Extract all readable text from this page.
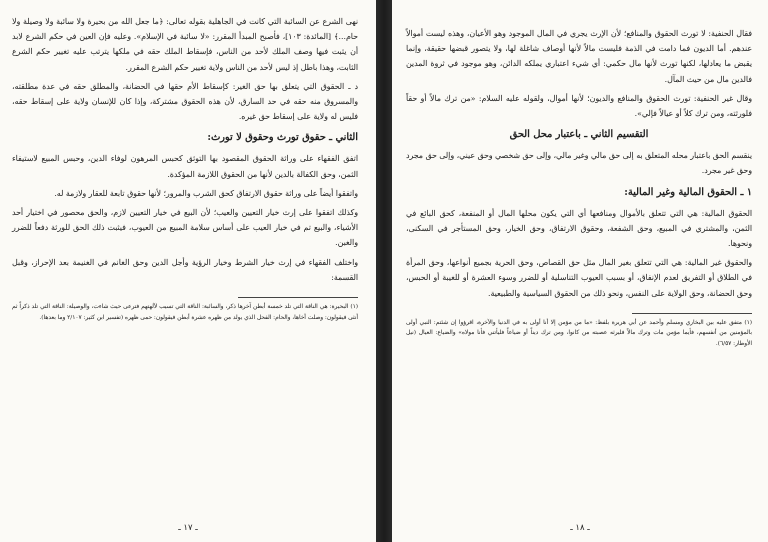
نهى الشرع عن السائبة التي كانت في الجاهلية بقوله تعالى: ﴿ما جعل الله من بحيرة ولا سائبة ولا وصيلة ولا حام...﴾ [المائدة: ١٠٣]، فأصبح المبدأ المقرر: «لا سائبة في الإسلام». وعليه فإن العين في حكم الشرع لابد أن يثبت فيها وصف الملك لأحد من الناس، فإسقاط الملك حقه في ملكها يترتب عليه تغيير حكم الشرع الثابت، وهذا باطل إذ ليس لأحد من الناس ولاية تغيير حكم الشرع المقرر.

د ـ الحقوق التي يتعلق بها حق الغير: كإسقاط الأم حقها في الحضانة، والمطلق حقه في عدة مطلقته، والمسروق منه حقه في حد السارق، لأن هذه الحقوق مشتركة، وإذا كان للإنسان ولاية على إسقاط حقه، فليس له ولاية على إسقاط حق غيره.

الثاني ـ حقوق تورث وحقوق لا تورث:

اتفق الفقهاء على وراثة الحقوق المقصود بها التوثق كحبس المرهون لوفاء الدين، وحبس المبيع لاستيفاء الثمن، وحق الكفالة بالدين لأنها من الحقوق اللازمة المؤكدة.

واتفقوا أيضاً على وراثة حقوق الارتفاق كحق الشرب والمرور؛ لأنها حقوق تابعة للعقار ولازمة له.

وكذلك اتفقوا على إرث خيار التعيين والعيب؛ لأن البيع في خيار التعيين لازم، والحق محصور في اختيار أحد الأشياء، والبيع تم في خيار العيب على أساس سلامة المبيع من العيوب، فيثبت ذلك الحق للورثة دفعاً للضرر والغبن.

واختلف الفقهاء في إرث خيار الشرط وخيار الرؤية وأجل الدين وحق الغانم في الغنيمة بعد الإحراز، وقبل القسمة:

(١) البحيرة: هي الناقة التي تلد خمسة أبطن آخرها ذكر، والسائبة: الناقة التي تسيب لآلهتهم فترعى حيث شاءت، والوصيلة: الناقة التي تلد ذكراً ثم أنثى فيقولون: وصلت أخاها، والحام: الفحل الذي يولد من ظهره عشرة أبطن فيقولون: حمى ظهره (تفسير ابن كثير: ٢/١٠٧ وما بعدها).

ـ ١٧ ـ

فقال الحنفية: لا تورث الحقوق والمنافع؛ لأن الإرث يجري في المال الموجود وهو الأعيان، وهذه ليست أموالاً عندهم. أما الديون فما دامت في الذمة فليست مالاً لأنها أوصاف شاغلة لها، ولا يتصور قبضها حقيقة، وإنما يقبض ما يعادلها، لكنها تورث لأنها مال حكمي: أي شيء اعتباري يملكه الدائن، وهو موجود في ثروة المدين فالدين مال من حيث المآل.

وقال غير الحنفية: تورث الحقوق والمنافع والديون؛ لأنها أموال، ولقوله عليه السلام: «من ترك مالاً أو حقاً فلورثته، ومن ترك كلاً أو عيالاً فإلي».

التقسيم الثاني ـ باعتبار محل الحق

ينقسم الحق باعتبار محله المتعلق به إلى حق مالي وغير مالي، وإلى حق شخصي وحق عيني، وإلى حق مجرد وحق غير مجرد.

١ ـ الحقوق المالية وغير المالية:

الحقوق المالية: هي التي تتعلق بالأموال ومنافعها أي التي يكون محلها المال أو المنفعة، كحق البائع في الثمن، والمشتري في المبيع، وحق الشفعة، وحقوق الارتفاق، وحق الخيار، وحق المستأجر في السكنى، ونحوها.

والحقوق غير المالية: هي التي تتعلق بغير المال مثل حق القصاص، وحق الحرية بجميع أنواعها، وحق المرأة في الطلاق أو التفريق لعدم الإنفاق، أو بسبب العيوب التناسلية أو للضرر وسوء العشرة أو للغيبة أو الحبس، وحق الحضانة، وحق الولاية على النفس، ونحو ذلك من الحقوق السياسية والطبيعية.

(١) متفق عليه بين البخاري ومسلم وأحمد عن أبي هريرة بلفظ: «ما من مؤمن إلا أنا أولى به في الدنيا والآخرة، اقرؤوا إن شئتم: النبي أولى بالمؤمنين من أنفسهم، فأيما مؤمن مات وترك مالاً فليرثه عصبته من كانوا، ومن ترك ديناً أو ضياعاً فليأتني فأنا مولاه» والضياع: العيال (نيل الأوطار: ٦/٥٧).

ـ ١٨ ـ
